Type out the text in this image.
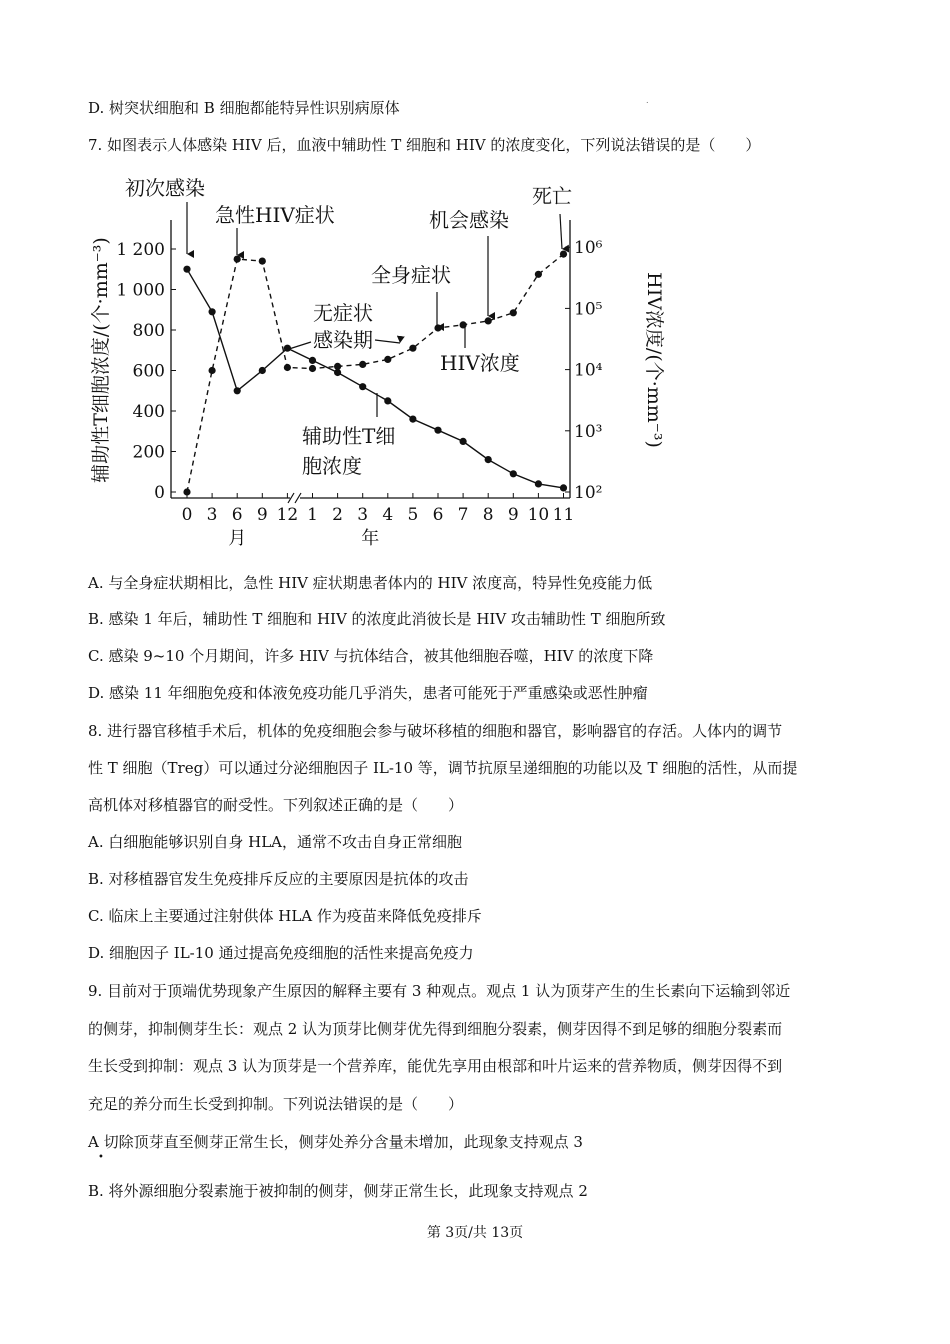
D. 树突状细胞和 B 细胞都能特异性识别病原体	.
7. 如图表示人体感染 HIV 后，血液中辅助性 T 细胞和 HIV 的浓度变化，下列说法错误的是（　　）
0
200
400
600
800
1 000
1 200
10²
10³
10⁴
10⁵
10⁶
0 3 6 9 12 1 2 3 4 5 6 7 8 9 10 11
月	年
辅助性T细胞浓度/(个·mm⁻³)	HIV浓度/(个·mm⁻³)
初次感染
急性HIV症状
无症状
感染期
全身症状
机会感染
死亡
HIV浓度
辅助性T细
胞浓度
A. 与全身症状期相比，急性 HIV 症状期患者体内的 HIV 浓度高，特异性免疫能力低
B. 感染 1 年后，辅助性 T 细胞和 HIV 的浓度此消彼长是 HIV 攻击辅助性 T 细胞所致
C. 感染 9~10 个月期间，许多 HIV 与抗体结合，被其他细胞吞噬，HIV 的浓度下降
D. 感染 11 年细胞免疫和体液免疫功能几乎消失，患者可能死于严重感染或恶性肿瘤
8. 进行器官移植手术后，机体的免疫细胞会参与破坏移植的细胞和器官，影响器官的存活。人体内的调节
性 T 细胞（Treg）可以通过分泌细胞因子 IL-10 等，调节抗原呈递细胞的功能以及 T 细胞的活性，从而提
高机体对移植器官的耐受性。下列叙述正确的是（　　）
A. 白细胞能够识别自身 HLA，通常不攻击自身正常细胞
B. 对移植器官发生免疫排斥反应的主要原因是抗体的攻击
C. 临床上主要通过注射供体 HLA 作为疫苗来降低免疫排斥
D. 细胞因子 IL-10 通过提高免疫细胞的活性来提高免疫力
9. 目前对于顶端优势现象产生原因的解释主要有 3 种观点。观点 1 认为顶芽产生的生长素向下运输到邻近
的侧芽，抑制侧芽生长：观点 2 认为顶芽比侧芽优先得到细胞分裂素，侧芽因得不到足够的细胞分裂素而
生长受到抑制：观点 3 认为顶芽是一个营养库，能优先享用由根部和叶片运来的营养物质，侧芽因得不到
充足的养分而生长受到抑制。下列说法错误的是（　　）
A 切除顶芽直至侧芽正常生长，侧芽处养分含量未增加，此现象支持观点 3
•
B. 将外源细胞分裂素施于被抑制的侧芽，侧芽正常生长，此现象支持观点 2
第 3页/共 13页
